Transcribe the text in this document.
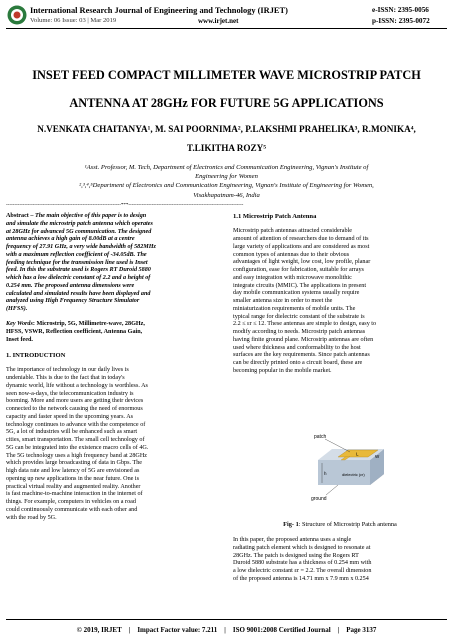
International Research Journal of Engineering and Technology (IRJET)	e-ISSN: 2395-0056
Volume: 06 Issue: 03 | Mar 2019	www.irjet.net	p-ISSN: 2395-0072
INSET FEED COMPACT MILLIMETER WAVE MICROSTRIP PATCH
ANTENNA AT 28GHz FOR FUTURE 5G APPLICATIONS
N.VENKATA CHAITANYA¹, M. SAI POORNIMA², P.LAKSHMI PRAHELIKA³, R.MONIKA⁴,
T.LIKITHA ROZY⁵
¹Asst. Professor, M. Tech, Department of Electronics and Communication Engineering, Vignan's Institute of
Engineering for Women
²,³,⁴,⁵Department of Electronics and Communication Engineering, Vignan's Institute of Engineering for Women,
Visakhapatnam-46, India
---------------------------------------------------------------------***---------------------------------------------------------------------
Abstract – The main objective of this paper is to design
and simulate the microstrip patch antenna which operates
at 28GHz for advanced 5G communication. The designed
antenna achieves a high gain of 8.00dB at a centre
frequency of 27.91 GHz, a very wide bandwidth of 582MHz
with a maximum reflection coefficient of -34.05dB. The
feeding technique for the transmission line used is Inset
feed. In this the substrate used is Rogers RT Duroid 5880
which has a low dielectric constant of 2.2 and a height of
0.254 mm. The proposed antenna dimensions were
calculated and simulated results have been displayed and
analyzed using High Frequency Structure Simulator
(HFSS).
Key Words: Microstrip, 5G, Millimetre-wave, 28GHz,
HFSS, VSWR, Reflection coefficient, Antenna Gain,
Inset feed.
1. INTRODUCTION
The importance of technology in our daily lives is
undeniable. This is due to the fact that in today's
dynamic world, life without a technology is worthless. As
seen now-a-days, the telecommunication industry is
booming. More and more users are getting their devices
connected to the network causing the need of enormous
capacity and faster speed in the upcoming years. As
technology continues to advance with the competence of
5G, a lot of industries will be enhanced such as smart
cities, smart transportation. The small cell technology of
5G can be integrated into the existence macro cells of 4G.
The 5G technology uses a high frequency band at 28GHz
which provides large broadcasting of data in Gbps. The
high data rate and low latency of 5G are envisioned as
opening up new applications in the near future. One is
practical virtual reality and augmented reality. Another
is fast machine-to-machine interaction in the internet of
things. For example, computers in vehicles on a road
could continuously communicate with each other and
with the road by 5G.
1.1 Microstrip Patch Antenna
Microstrip patch antennas attracted considerable
amount of attention of researchers due to demand of its
large variety of applications and are considered as most
common types of antennas due to their obvious
advantages of light weight, low cost, low profile, planar
configuration, ease for fabrication, suitable for arrays
and easy integration with microwave monolithic
integrate circuits (MMIC). The applications in present
day mobile communication systems usually require
smaller antenna size in order to meet the
miniaturization requirements of mobile units. The
typical range for dielectric constant of the substrate is
2.2 ≤ εr ≤ 12. These antennas are simple to design, easy to
modify according to needs. Microstrip patch antennas
having finite ground plane. Microstrip antennas are often
used where thickness and conformability to the host
surfaces are the key requirements. Since patch antennas
can be directly printed onto a circuit board, these are
becoming popular in the mobile market.
patch
L	W
h	dielectric (εr)
ground
Fig- 1: Structure of Microstrip Patch antenna
In this paper, the proposed antenna uses a single
radiating patch element which is designed to resonate at
28GHz. The patch is designed using the Rogers RT
Duroid 5880 substrate has a thickness of 0.254 mm with
a low dielectric constant εr = 2.2. The overall dimension
of the proposed antenna is 14.71 mm x 7.9 mm x 0.254
© 2019, IRJET | Impact Factor value: 7.211 | ISO 9001:2008 Certified Journal | Page 3137
